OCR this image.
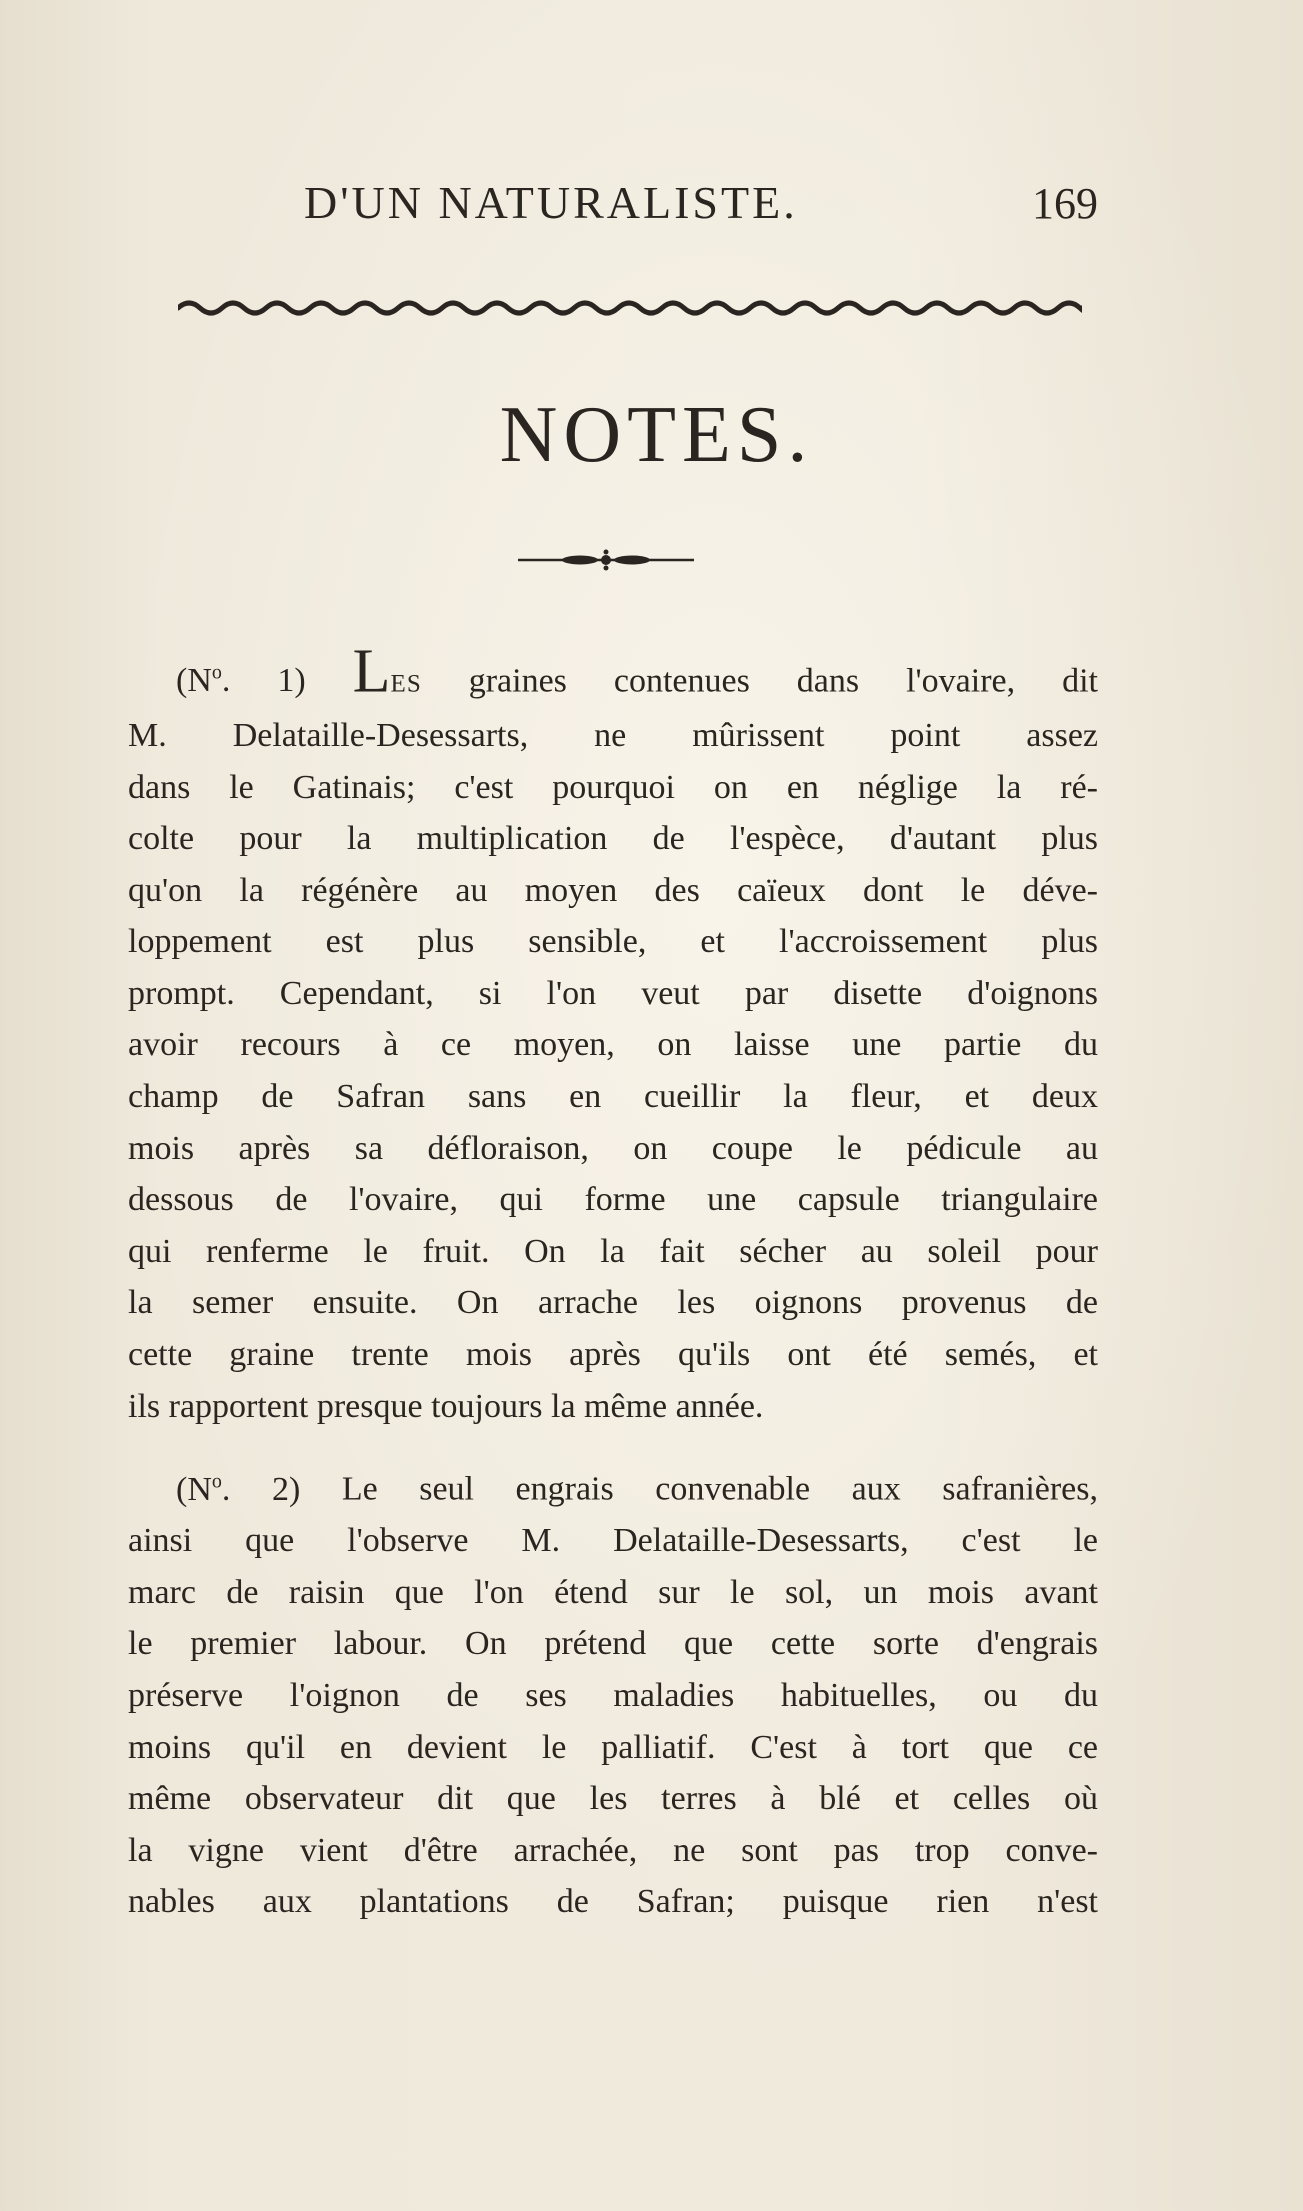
D'UN NATURALISTE.	169
NOTES.
($N^o$. 1) LES graines contenues dans l'ovaire, dit
M. Delataille-Desessarts, ne mûrissent point assez
dans le Gatinais; c'est pourquoi on en néglige la ré-
colte pour la multiplication de l'espèce, d'autant plus
qu'on la régénère au moyen des caïeux dont le déve-
loppement est plus sensible, et l'accroissement plus
prompt. Cependant, si l'on veut par disette d'oignons
avoir recours à ce moyen, on laisse une partie du
champ de Safran sans en cueillir la fleur, et deux
mois après sa défloraison, on coupe le pédicule au
dessous de l'ovaire, qui forme une capsule triangulaire
qui renferme le fruit. On la fait sécher au soleil pour
la semer ensuite. On arrache les oignons provenus de
cette graine trente mois après qu'ils ont été semés, et
ils rapportent presque toujours la même année.
($N^o$. 2) Le seul engrais convenable aux safranières,
ainsi que l'observe M. Delataille-Desessarts, c'est le
marc de raisin que l'on étend sur le sol, un mois avant
le premier labour. On prétend que cette sorte d'engrais
préserve l'oignon de ses maladies habituelles, ou du
moins qu'il en devient le palliatif. C'est à tort que ce
même observateur dit que les terres à blé et celles où
la vigne vient d'être arrachée, ne sont pas trop conve-
nables aux plantations de Safran; puisque rien n'est
